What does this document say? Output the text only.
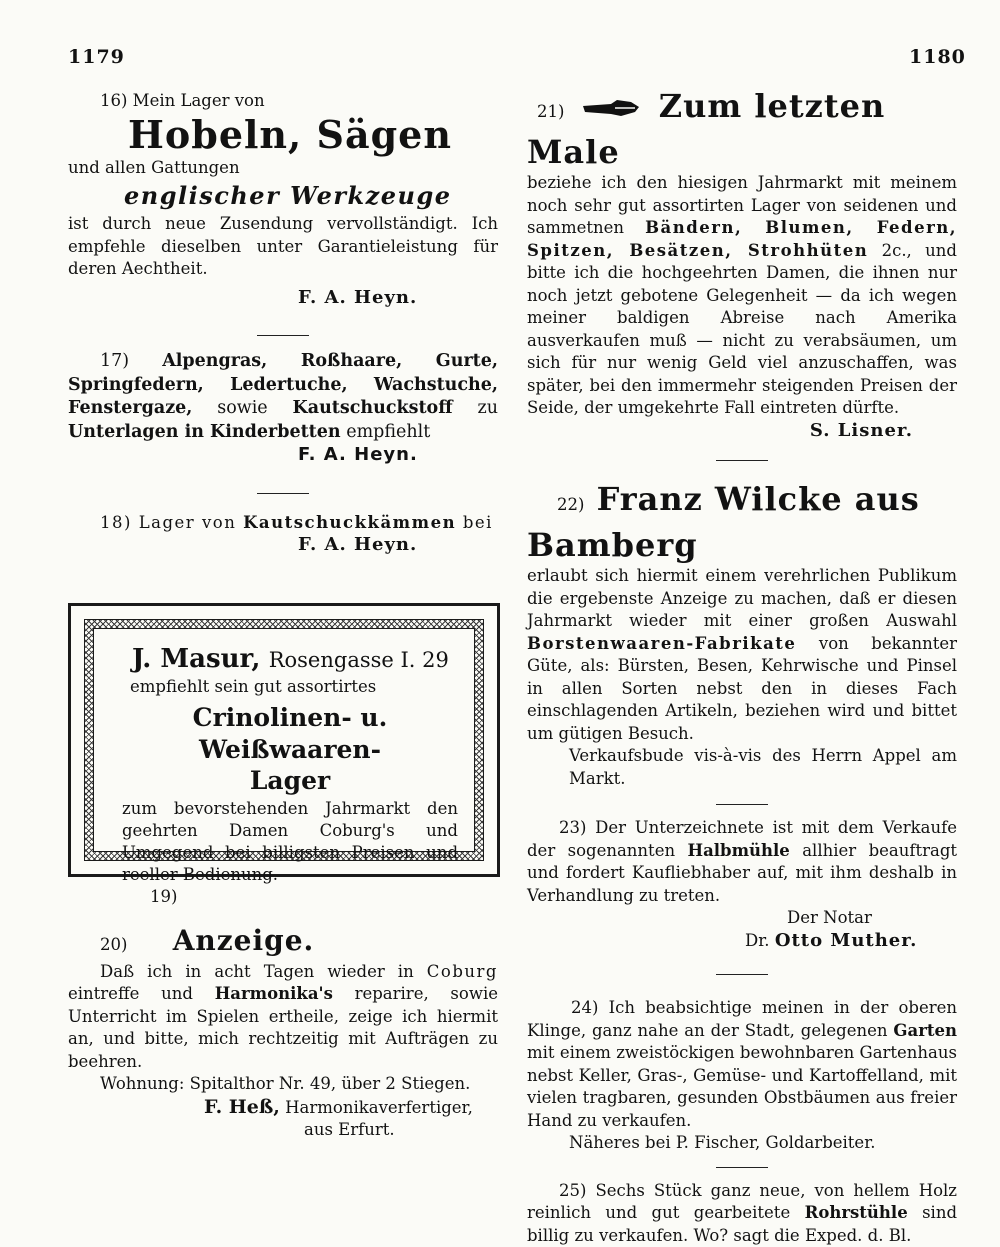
1179	1180

16) Mein Lager von

Hobeln, Sägen

und allen Gattungen

englischer Werkzeuge

ist durch neue Zusendung vervollständigt. Ich empfehle dieselben unter Garantieleistung für deren Aechtheit.

F. A. Heyn.

17) Alpengras, Roßhaare, Gurte, Springfedern, Ledertuche, Wachstuche, Fenstergaze, sowie Kautschuckstoff zu Unterlagen in Kinderbetten empfiehlt

F. A. Heyn.

18) Lager von Kautschuckkämmen bei

F. A. Heyn.

J. Masur, Rosengasse I. 29

empfiehlt sein gut assortirtes

Crinolinen- u. Weißwaaren-

Lager

zum bevorstehenden Jahrmarkt den geehrten Damen Coburg's und Umgegend bei billigsten Preisen und reeller Bedienung.

19)

20) Anzeige.

Daß ich in acht Tagen wieder in Coburg eintreffe und Harmonika's reparire, sowie Unterricht im Spielen ertheile, zeige ich hiermit an, und bitte, mich rechtzeitig mit Aufträgen zu beehren.

Wohnung: Spitalthor Nr. 49, über 2 Stiegen.

F. Heß, Harmonikaverfertiger,

aus Erfurt.

21)	Zum letzten Male

beziehe ich den hiesigen Jahrmarkt mit meinem noch sehr gut assortirten Lager von seidenen und sammetnen Bändern, Blumen, Federn, Spitzen, Besätzen, Strohhüten 2c., und bitte ich die hochgeehrten Damen, die ihnen nur noch jetzt gebotene Gelegenheit — da ich wegen meiner baldigen Abreise nach Amerika ausverkaufen muß — nicht zu verabsäumen, um sich für nur wenig Geld viel anzuschaffen, was später, bei den immermehr steigenden Preisen der Seide, der umgekehrte Fall eintreten dürfte.

S. Lisner.

22) Franz Wilcke aus Bamberg

erlaubt sich hiermit einem verehrlichen Publikum die ergebenste Anzeige zu machen, daß er diesen Jahrmarkt wieder mit einer großen Auswahl Borstenwaaren-Fabrikate von bekannter Güte, als: Bürsten, Besen, Kehrwische und Pinsel in allen Sorten nebst den in dieses Fach einschlagenden Artikeln, beziehen wird und bittet um gütigen Besuch.

Verkaufsbude vis-à-vis des Herrn Appel am Markt.

23) Der Unterzeichnete ist mit dem Verkaufe der sogenannten Halbmühle allhier beauftragt und fordert Kaufliebhaber auf, mit ihm deshalb in Verhandlung zu treten.

Der Notar

Dr. Otto Muther.

24) Ich beabsichtige meinen in der oberen Klinge, ganz nahe an der Stadt, gelegenen Garten mit einem zweistöckigen bewohnbaren Gartenhaus nebst Keller, Gras-, Gemüse- und Kartoffelland, mit vielen tragbaren, gesunden Obstbäumen aus freier Hand zu verkaufen.

Näheres bei P. Fischer, Goldarbeiter.

25) Sechs Stück ganz neue, von hellem Holz reinlich und gut gearbeitete Rohrstühle sind billig zu verkaufen. Wo? sagt die Exped. d. Bl.
